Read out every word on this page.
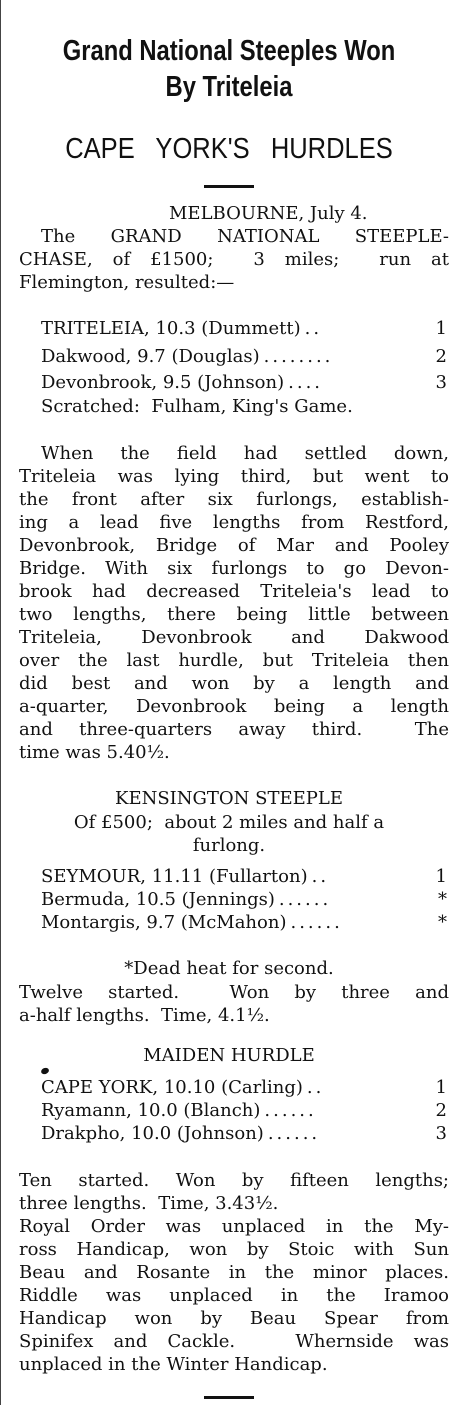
Grand National Steeples Won
By Triteleia
CAPE YORK'S HURDLES
MELBOURNE, July 4.
The GRAND NATIONAL STEEPLE-
CHASE, of £1500;  3 miles;  run at
Flemington, resulted:—
TRITELEIA, 10.3 (Dummett) ..	1
Dakwood, 9.7 (Douglas) ........	2
Devonbrook, 9.5 (Johnson) ....	3
Scratched:  Fulham, King's Game.
When the field had settled down,
Triteleia was lying third, but went to
the front after six furlongs, establish-
ing a lead five lengths from Restford,
Devonbrook, Bridge of Mar and Pooley
Bridge. With six furlongs to go Devon-
brook had decreased Triteleia's lead to
two lengths, there being little between
Triteleia, Devonbrook and Dakwood
over the last hurdle, but Triteleia then
did best and won by a length and
a-quarter, Devonbrook being a length
and three-quarters away third.  The
time was 5.40½.
KENSINGTON STEEPLE
Of £500;  about 2 miles and half a
furlong.
SEYMOUR, 11.11 (Fullarton) ..	1
Bermuda, 10.5 (Jennings) ......	*
Montargis, 9.7 (McMahon) ......	*
*Dead heat for second.
Twelve started.  Won by three and
a-half lengths.  Time, 4.1½.
MAIDEN HURDLE
CAPE YORK, 10.10 (Carling) ..	1
Ryamann, 10.0 (Blanch) ......	2
Drakpho, 10.0 (Johnson) ......	3
Ten started. Won by fifteen lengths;
three lengths.  Time, 3.43½.
Royal Order was unplaced in the My-
ross Handicap, won by Stoic with Sun
Beau and Rosante in the minor places.
Riddle was unplaced in the Iramoo
Handicap won by Beau Spear from
Spinifex and Cackle.   Whernside was
unplaced in the Winter Handicap.
